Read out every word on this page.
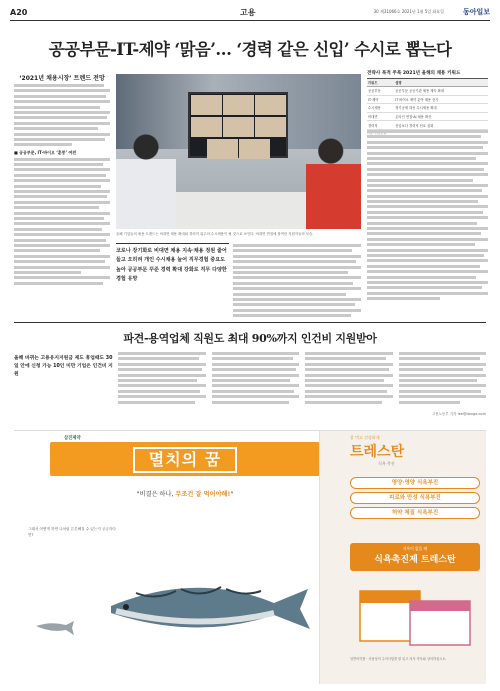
A20	고용	30 제31066호 2021년 1월 5일 화요일	동아일보
공공부문-IT-제약 ‘맑음’… ‘경력 같은 신입’ 수시로 뽑는다
‘2021년 채용시장’ 트렌드 전망
■ 공공부문, IT·바이오 ‘훈풍’ 여전
올해 기업들의 채용 트렌드는 비대면 채용 확대와 경력직 위주의 수시채용이 될 것으로 보인다. 비대면 면접에 참여한 지원자들의 모습.
전략사 목적 주목 2021년 올해의 채용 키워드
키워드	설명
공공부문	공공부문 공공기관 채용 계속 확대
IT·제약	IT 바이오 제약 분야 채용 증가
수시채용	정기공채 대신 수시채용 확대
비대면	온라인 면접·AI 채용 확산
경력직	신입보다 경력직 선호 심화
코로나 장기화로 비대면 채용 지속·채용 정원 줄어들고 오히려 개인 수시채용 늘어 직무경험 중요도 높아 공공부문 꾸준 경력 확대 강화로 직무 다양한 경험 유망
파견-용역업체 직원도 최대 90%까지 인건비 지원받아
올해 바뀌는 고용유지지원금 제도 휴업때도 30일 안에 신청 가능 10인 미만 기업은 인건비 지원
고용노동부 기자 lee@donga.com
삼진제약
멸치의 꿈
"비결은 하나, 무조건 잘 먹어야해!"
그래서 어떻게 하면 나처럼 튼튼해질 수 있는지 궁금하다면?
잘 먹고 건강하게
트레스탄
식욕 촉진
영양·영양 식욕부진
피로와 만성 식욕부진
허약 체질 식욕부진
식욕이 없을 때
식욕촉진제 트레스탄
일반의약품 · 사용상의 주의사항을 잘 읽고 의사 약사와 상의하십시오.
